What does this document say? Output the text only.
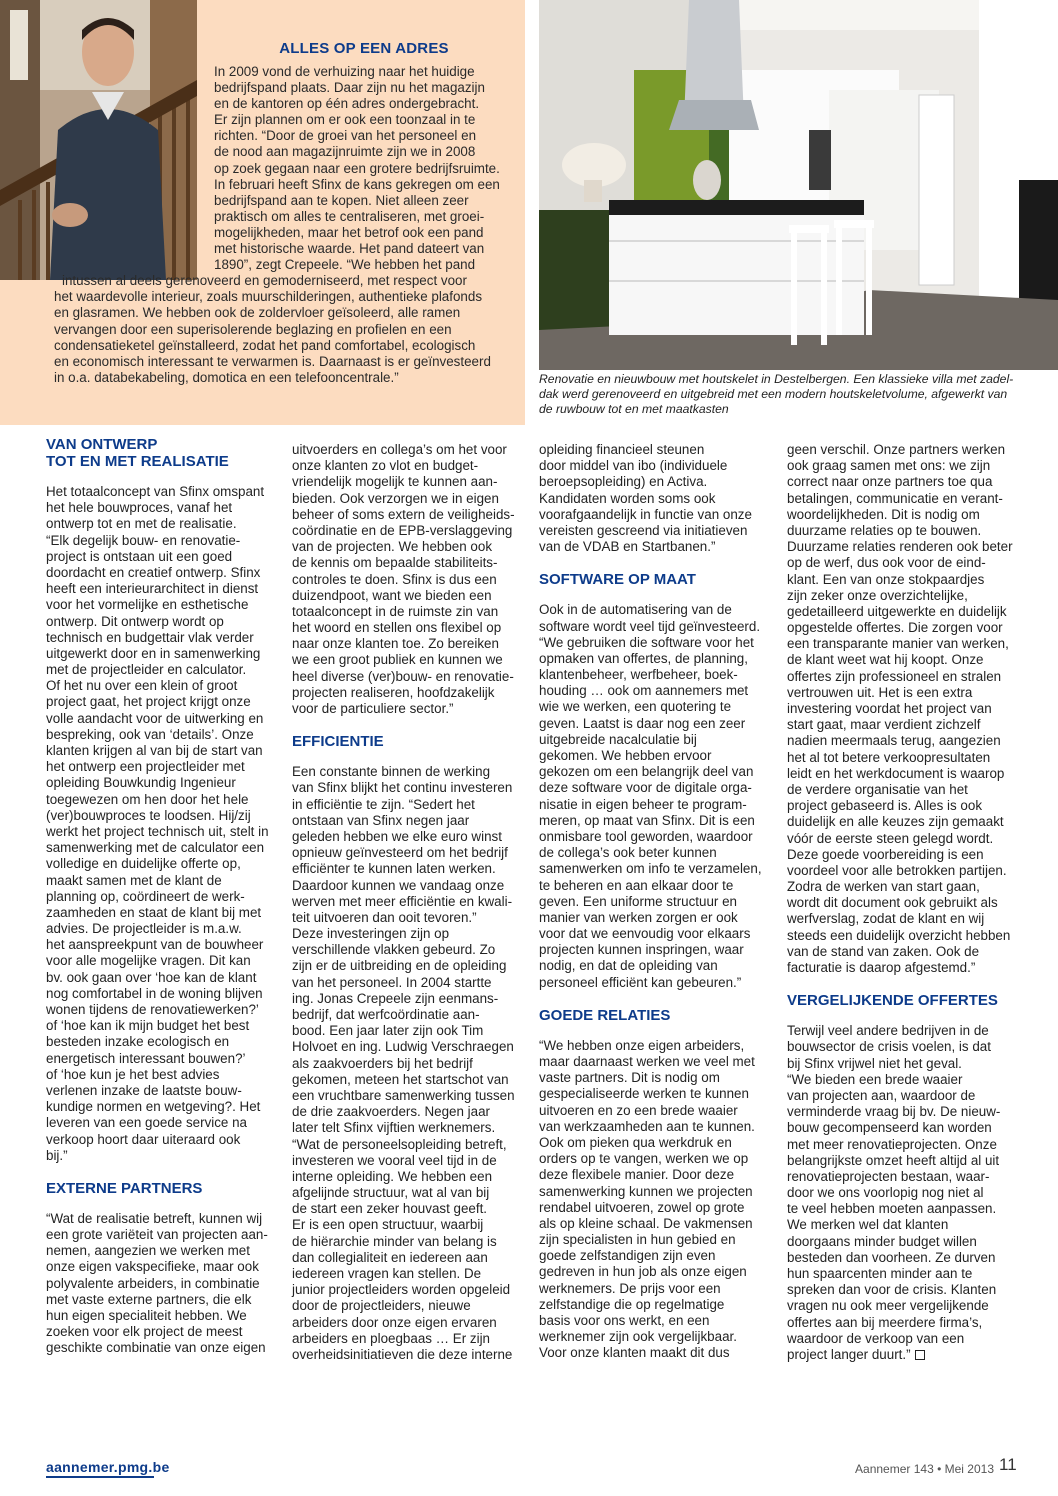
ALLES OP EEN ADRES
In 2009 vond de verhuizing naar het huidige
bedrijfspand plaats. Daar zijn nu het magazijn
en de kantoren op één adres ondergebracht.
Er zijn plannen om er ook een toonzaal in te
richten. “Door de groei van het personeel en
de nood aan magazijnruimte zijn we in 2008
op zoek gegaan naar een grotere bedrijfsruimte.
In februari heeft Sfinx de kans gekregen om een
bedrijfspand aan te kopen. Niet alleen zeer
praktisch om alles te centraliseren, met groei-
mogelijkheden, maar het betrof ook een pand
met historische waarde. Het pand dateert van
1890”, zegt Crepeele. “We hebben het pand
intussen al deels gerenoveerd en gemoderniseerd, met respect voor
het waardevolle interieur, zoals muurschilderingen, authentieke plafonds
en glasramen. We hebben ook de zoldervloer geïsoleerd, alle ramen
vervangen door een superisolerende beglazing en profielen en een
condensatieketel geïnstalleerd, zodat het pand comfortabel, ecologisch
en economisch interessant te verwarmen is. Daarnaast is er geïnvesteerd
in o.a. databekabeling, domotica en een telefooncentrale.”	Renovatie en nieuwbouw met houtskelet in Destelbergen. Een klassieke villa met zadel-
dak werd gerenoveerd en uitgebreid met een modern houtskeletvolume, afgewerkt van
de ruwbouw tot en met maatkasten
VAN ONTWERP
TOT EN MET REALISATIE
Het totaalconcept van Sfinx omspant
het hele bouwproces, vanaf het
ontwerp tot en met de realisatie.
“Elk degelijk bouw- en renovatie-
project is ontstaan uit een goed
doordacht en creatief ontwerp. Sfinx
heeft een interieurarchitect in dienst
voor het vormelijke en esthetische
ontwerp. Dit ontwerp wordt op
technisch en budgettair vlak verder
uitgewerkt door en in samenwerking
met de projectleider en calculator.
Of het nu over een klein of groot
project gaat, het project krijgt onze
volle aandacht voor de uitwerking en
bespreking, ook van ‘details’. Onze
klanten krijgen al van bij de start van
het ontwerp een projectleider met
opleiding Bouwkundig Ingenieur
toegewezen om hen door het hele
(ver)bouwproces te loodsen. Hij/zij
werkt het project technisch uit, stelt in
samenwerking met de calculator een
volledige en duidelijke offerte op,
maakt samen met de klant de
planning op, coördineert de werk-
zaamheden en staat de klant bij met
advies. De projectleider is m.a.w.
het aanspreekpunt van de bouwheer
voor alle mogelijke vragen. Dit kan
bv. ook gaan over ‘hoe kan de klant
nog comfortabel in de woning blijven
wonen tijdens de renovatiewerken?’
of ‘hoe kan ik mijn budget het best
besteden inzake ecologisch en
energetisch interessant bouwen?’
of ‘hoe kun je het best advies
verlenen inzake de laatste bouw-
kundige normen en wetgeving?. Het
leveren van een goede service na
verkoop hoort daar uiteraard ook
bij.”
EXTERNE PARTNERS
“Wat de realisatie betreft, kunnen wij
een grote variëteit van projecten aan-
nemen, aangezien we werken met
onze eigen vakspecifieke, maar ook
polyvalente arbeiders, in combinatie
met vaste externe partners, die elk
hun eigen specialiteit hebben. We
zoeken voor elk project de meest
geschikte combinatie van onze eigen
uitvoerders en collega’s om het voor
onze klanten zo vlot en budget-
vriendelijk mogelijk te kunnen aan-
bieden. Ook verzorgen we in eigen
beheer of soms extern de veiligheids-
coördinatie en de EPB-verslaggeving
van de projecten. We hebben ook
de kennis om bepaalde stabiliteits-
controles te doen. Sfinx is dus een
duizendpoot, want we bieden een
totaalconcept in de ruimste zin van
het woord en stellen ons flexibel op
naar onze klanten toe. Zo bereiken
we een groot publiek en kunnen we
heel diverse (ver)bouw- en renovatie-
projecten realiseren, hoofdzakelijk
voor de particuliere sector.”
EFFICIENTIE
Een constante binnen de werking
van Sfinx blijkt het continu investeren
in efficiëntie te zijn. “Sedert het
ontstaan van Sfinx negen jaar
geleden hebben we elke euro winst
opnieuw geïnvesteerd om het bedrijf
efficiënter te kunnen laten werken.
Daardoor kunnen we vandaag onze
werven met meer efficiëntie en kwali-
teit uitvoeren dan ooit tevoren.”
Deze investeringen zijn op
verschillende vlakken gebeurd. Zo
zijn er de uitbreiding en de opleiding
van het personeel. In 2004 startte
ing. Jonas Crepeele zijn eenmans-
bedrijf, dat werfcoördinatie aan-
bood. Een jaar later zijn ook Tim
Holvoet en ing. Ludwig Verschraegen
als zaakvoerders bij het bedrijf
gekomen, meteen het startschot van
een vruchtbare samenwerking tussen
de drie zaakvoerders. Negen jaar
later telt Sfinx vijftien werknemers.
“Wat de personeelsopleiding betreft,
investeren we vooral veel tijd in de
interne opleiding. We hebben een
afgelijnde structuur, wat al van bij
de start een zeker houvast geeft.
Er is een open structuur, waarbij
de hiërarchie minder van belang is
dan collegialiteit en iedereen aan
iedereen vragen kan stellen. De
junior projectleiders worden opgeleid
door de projectleiders, nieuwe
arbeiders door onze eigen ervaren
arbeiders en ploegbaas … Er zijn
overheidsinitiatieven die deze interne
opleiding financieel steunen
door middel van ibo (individuele
beroepsopleiding) en Activa.
Kandidaten worden soms ook
voorafgaandelijk in functie van onze
vereisten gescreend via initiatieven
van de VDAB en Startbanen.”
SOFTWARE OP MAAT
Ook in de automatisering van de
software wordt veel tijd geïnvesteerd.
“We gebruiken die software voor het
opmaken van offertes, de planning,
klantenbeheer, werfbeheer, boek-
houding … ook om aannemers met
wie we werken, een quotering te
geven. Laatst is daar nog een zeer
uitgebreide nacalculatie bij
gekomen. We hebben ervoor
gekozen om een belangrijk deel van
deze software voor de digitale orga-
nisatie in eigen beheer te program-
meren, op maat van Sfinx. Dit is een
onmisbare tool geworden, waardoor
de collega’s ook beter kunnen
samenwerken om info te verzamelen,
te beheren en aan elkaar door te
geven. Een uniforme structuur en
manier van werken zorgen er ook
voor dat we eenvoudig voor elkaars
projecten kunnen inspringen, waar
nodig, en dat de opleiding van
personeel efficiënt kan gebeuren.”
GOEDE RELATIES
“We hebben onze eigen arbeiders,
maar daarnaast werken we veel met
vaste partners. Dit is nodig om
gespecialiseerde werken te kunnen
uitvoeren en zo een brede waaier
van werkzaamheden aan te kunnen.
Ook om pieken qua werkdruk en
orders op te vangen, werken we op
deze flexibele manier. Door deze
samenwerking kunnen we projecten
rendabel uitvoeren, zowel op grote
als op kleine schaal. De vakmensen
zijn specialisten in hun gebied en
goede zelfstandigen zijn even
gedreven in hun job als onze eigen
werknemers. De prijs voor een
zelfstandige die op regelmatige
basis voor ons werkt, en een
werknemer zijn ook vergelijkbaar.
Voor onze klanten maakt dit dus
geen verschil. Onze partners werken
ook graag samen met ons: we zijn
correct naar onze partners toe qua
betalingen, communicatie en verant-
woordelijkheden. Dit is nodig om
duurzame relaties op te bouwen.
Duurzame relaties renderen ook beter
op de werf, dus ook voor de eind-
klant. Een van onze stokpaardjes
zijn zeker onze overzichtelijke,
gedetailleerd uitgewerkte en duidelijk
opgestelde offertes. Die zorgen voor
een transparante manier van werken,
de klant weet wat hij koopt. Onze
offertes zijn professioneel en stralen
vertrouwen uit. Het is een extra
investering voordat het project van
start gaat, maar verdient zichzelf
nadien meermaals terug, aangezien
het al tot betere verkoopresultaten
leidt en het werkdocument is waarop
de verdere organisatie van het
project gebaseerd is. Alles is ook
duidelijk en alle keuzes zijn gemaakt
vóór de eerste steen gelegd wordt.
Deze goede voorbereiding is een
voordeel voor alle betrokken partijen.
Zodra de werken van start gaan,
wordt dit document ook gebruikt als
werfverslag, zodat de klant en wij
steeds een duidelijk overzicht hebben
van de stand van zaken. Ook de
facturatie is daarop afgestemd.”
VERGELIJKENDE OFFERTES
Terwijl veel andere bedrijven in de
bouwsector de crisis voelen, is dat
bij Sfinx vrijwel niet het geval.
“We bieden een brede waaier
van projecten aan, waardoor de
verminderde vraag bij bv. De nieuw-
bouw gecompenseerd kan worden
met meer renovatieprojecten. Onze
belangrijkste omzet heeft altijd al uit
renovatieprojecten bestaan, waar-
door we ons voorlopig nog niet al
te veel hebben moeten aanpassen.
We merken wel dat klanten
doorgaans minder budget willen
besteden dan voorheen. Ze durven
hun spaarcenten minder aan te
spreken dan voor de crisis. Klanten
vragen nu ook meer vergelijkende
offertes aan bij meerdere firma’s,
waardoor de verkoop van een
project langer duurt.”
aannemer.pmg.be	Aannemer 143 • Mei 2013 11
